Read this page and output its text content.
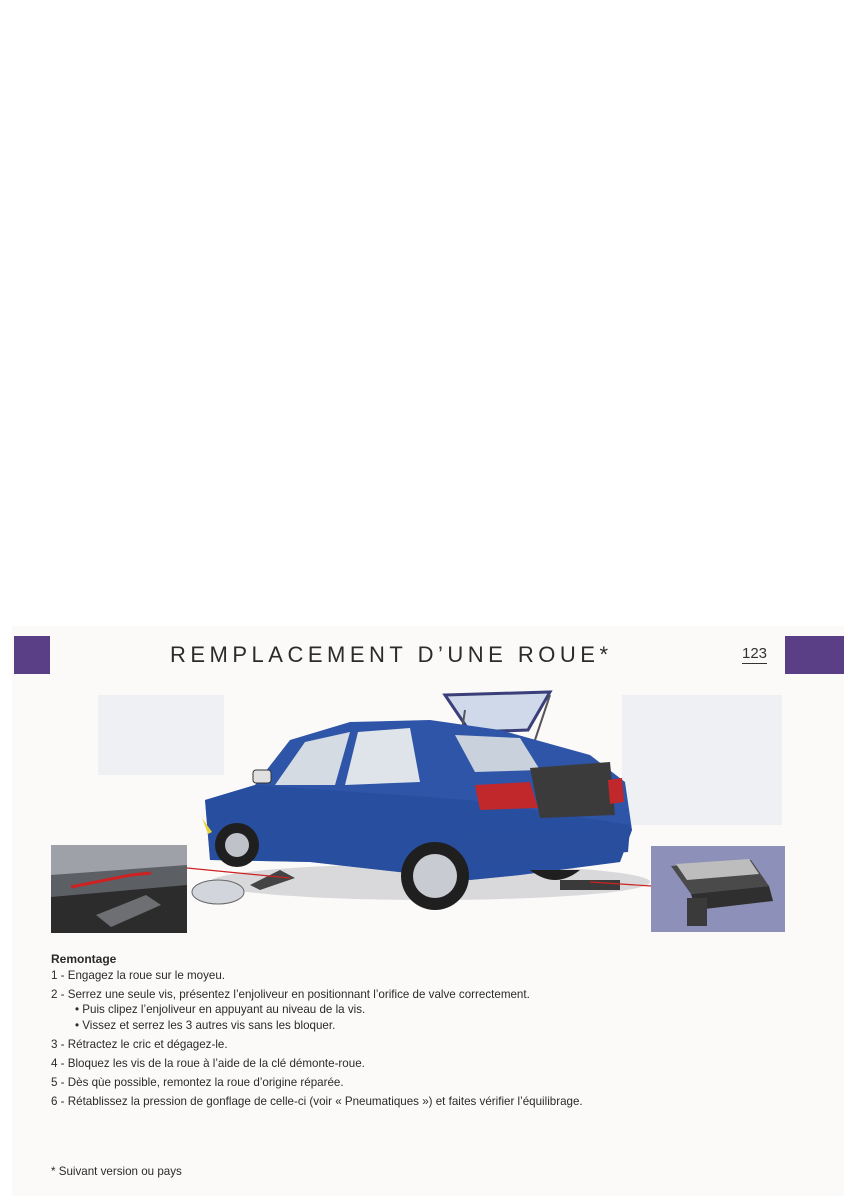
REMPLACEMENT D’UNE ROUE*	123
Remontage

1 - Engagez la roue sur le moyeu.

2 - Serrez une seule vis, présentez l’enjoliveur en positionnant l’orifice de valve correctement.

• Puis clipez l’enjoliveur en appuyant au niveau de la vis.

• Vissez et serrez les 3 autres vis sans les bloquer.

3 - Rétractez le cric et dégagez-le.

4 - Bloquez les vis de la roue à l’aide de la clé démonte-roue.

5 - Dès qùe possible, remontez la roue d’origine réparée.

6 - Rétablissez la pression de gonflage de celle-ci (voir « Pneumatiques ») et faites vérifier l’équilibrage.

* Suivant version ou pays
